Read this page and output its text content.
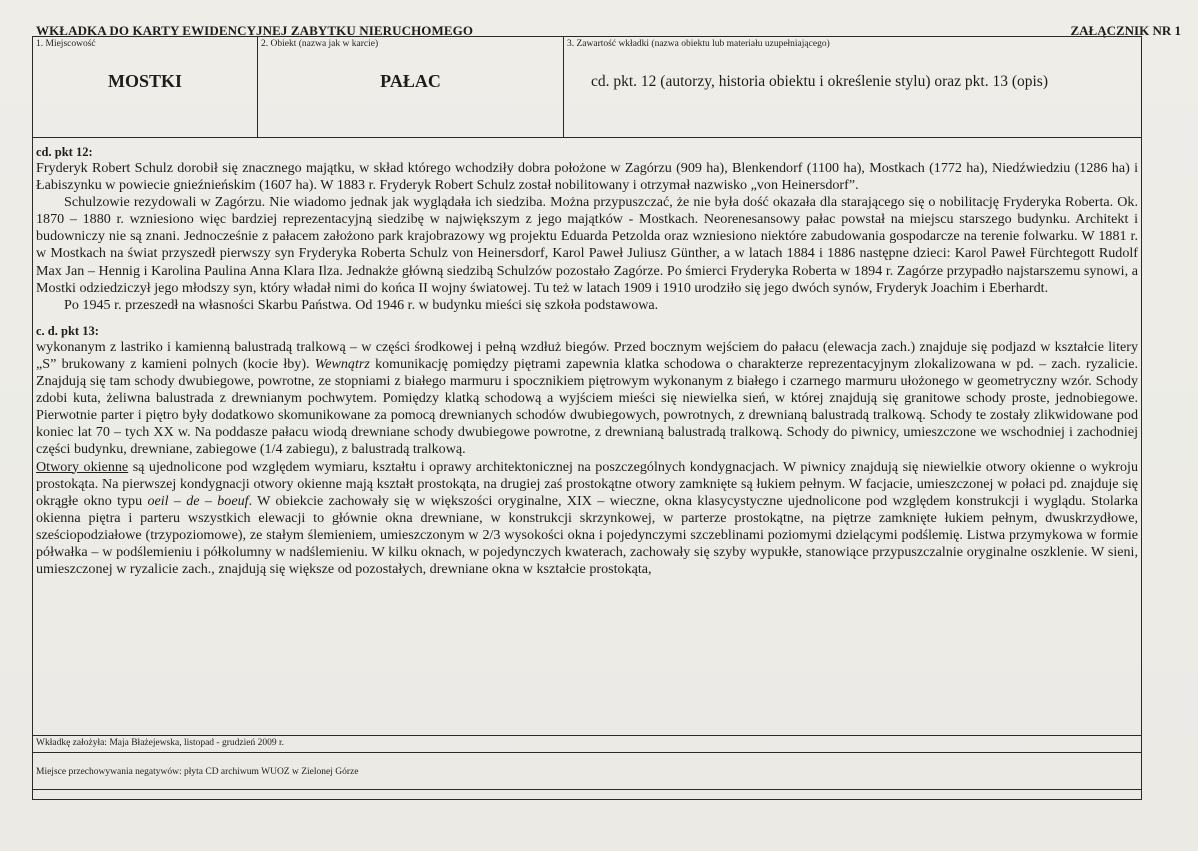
WKŁADKA DO KARTY EWIDENCYJNEJ ZABYTKU NIERUCHOMEGO	ZAŁĄCZNIK NR 1
1. Miejscowość
MOSTKI
2. Obiekt (nazwa jak w karcie)
PAŁAC
3. Zawartość wkładki (nazwa obiektu lub materiału uzupełniającego)
cd. pkt. 12 (autorzy, historia obiektu i określenie stylu) oraz pkt. 13 (opis)

cd. pkt 12:

Fryderyk Robert Schulz dorobił się znacznego majątku, w skład którego wchodziły dobra położone w Zagórzu (909 ha), Blenkendorf (1100 ha), Mostkach (1772 ha), Niedźwiedziu (1286 ha) i Łabiszynku w powiecie gnieźnieńskim (1607 ha). W 1883 r. Fryderyk Robert Schulz został nobilitowany i otrzymał nazwisko „von Heinersdorf”.

Schulzowie rezydowali w Zagórzu. Nie wiadomo jednak jak wyglądała ich siedziba. Można przypuszczać, że nie była dość okazała dla starającego się o nobilitację Fryderyka Roberta. Ok. 1870 – 1880 r. wzniesiono więc bardziej reprezentacyjną siedzibę w największym z jego majątków - Mostkach. Neorenesansowy pałac powstał na miejscu starszego budynku. Architekt i budowniczy nie są znani. Jednocześnie z pałacem założono park krajobrazowy wg projektu Eduarda Petzolda oraz wzniesiono niektóre zabudowania gospodarcze na terenie folwarku. W 1881 r. w Mostkach na świat przyszedł pierwszy syn Fryderyka Roberta Schulz von Heinersdorf, Karol Paweł Juliusz Günther, a w latach 1884 i 1886 następne dzieci: Karol Paweł Fürchtegott Rudolf Max Jan – Hennig i Karolina Paulina Anna Klara Ilza. Jednakże główną siedzibą Schulzów pozostało Zagórze. Po śmierci Fryderyka Roberta w 1894 r. Zagórze przypadło najstarszemu synowi, a Mostki odziedziczył jego młodszy syn, który władał nimi do końca II wojny światowej. Tu też w latach 1909 i 1910 urodziło się jego dwóch synów, Fryderyk Joachim i Eberhardt.

Po 1945 r. przeszedł na własności Skarbu Państwa. Od 1946 r. w budynku mieści się szkoła podstawowa.

c. d. pkt 13:

wykonanym z lastriko i kamienną balustradą tralkową – w części środkowej i pełną wzdłuż biegów. Przed bocznym wejściem do pałacu (elewacja zach.) znajduje się podjazd w kształcie litery „S” brukowany z kamieni polnych (kocie łby). Wewnątrz komunikację pomiędzy piętrami zapewnia klatka schodowa o charakterze reprezentacyjnym zlokalizowana w pd. – zach. ryzalicie. Znajdują się tam schody dwubiegowe, powrotne, ze stopniami z białego marmuru i spocznikiem piętrowym wykonanym z białego i czarnego marmuru ułożonego w geometryczny wzór. Schody zdobi kuta, żeliwna balustrada z drewnianym pochwytem. Pomiędzy klatką schodową a wyjściem mieści się niewielka sień, w której znajdują się granitowe schody proste, jednobiegowe. Pierwotnie parter i piętro były dodatkowo skomunikowane za pomocą drewnianych schodów dwubiegowych, powrotnych, z drewnianą balustradą tralkową. Schody te zostały zlikwidowane pod koniec lat 70 – tych XX w. Na poddasze pałacu wiodą drewniane schody dwubiegowe powrotne, z drewnianą balustradą tralkową. Schody do piwnicy, umieszczone we wschodniej i zachodniej części budynku, drewniane, zabiegowe (1/4 zabiegu), z balustradą tralkową.

Otwory okienne są ujednolicone pod względem wymiaru, kształtu i oprawy architektonicznej na poszczególnych kondygnacjach. W piwnicy znajdują się niewielkie otwory okienne o wykroju prostokąta. Na pierwszej kondygnacji otwory okienne mają kształt prostokąta, na drugiej zaś prostokątne otwory zamknięte są łukiem pełnym. W facjacie, umieszczonej w połaci pd. znajduje się okrągłe okno typu oeil – de – boeuf. W obiekcie zachowały się w większości oryginalne, XIX – wieczne, okna klasycystyczne ujednolicone pod względem konstrukcji i wyglądu. Stolarka okienna piętra i parteru wszystkich elewacji to głównie okna drewniane, w konstrukcji skrzynkowej, w parterze prostokątne, na piętrze zamknięte łukiem pełnym, dwuskrzydłowe, sześciopodziałowe (trzypoziomowe), ze stałym ślemieniem, umieszczonym w 2/3 wysokości okna i pojedynczymi szczeblinami poziomymi dzielącymi podślemię. Listwa przymykowa w formie półwałka – w podślemieniu i półkolumny w nadślemieniu. W kilku oknach, w pojedynczych kwaterach, zachowały się szyby wypukłe, stanowiące przypuszczalnie oryginalne oszklenie. W sieni, umieszczonej w ryzalicie zach., znajdują się większe od pozostałych, drewniane okna w kształcie prostokąta,

Wkładkę założyła: Maja Błażejewska, listopad - grudzień 2009 r.
Miejsce przechowywania negatywów: płyta CD archiwum WUOZ w Zielonej Górze
